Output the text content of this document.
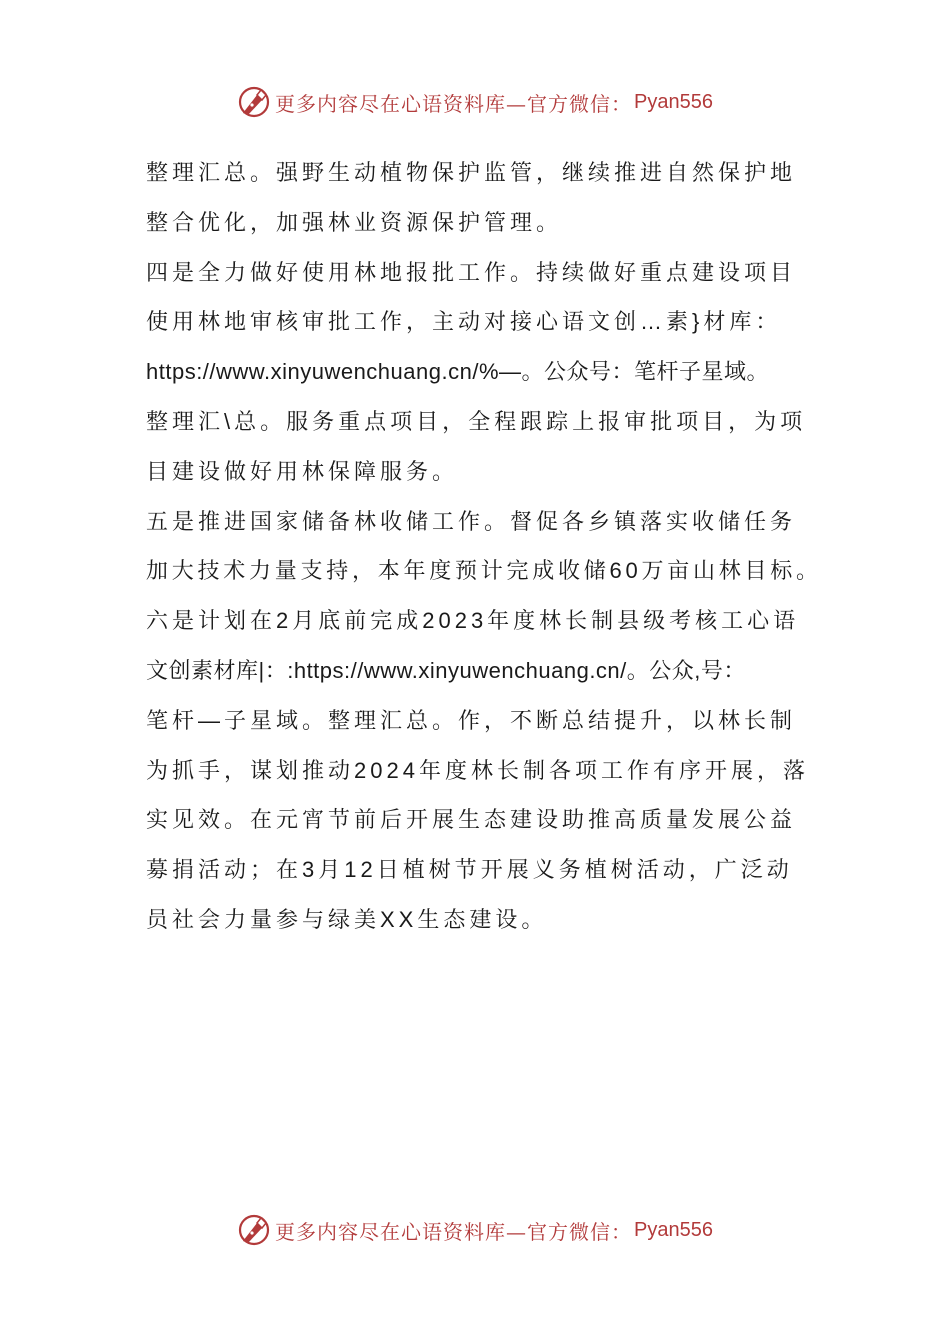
更多内容尽在心语资料库—官方微信： Pyan556
整理汇总。强野生动植物保护监管，继续推进自然保护地
整合优化，加强林业资源保护管理。
四是全力做好使用林地报批工作。持续做好重点建设项目
使用林地审核审批工作，主动对接心语文创…素}材库：
https://www.xinyuwenchuang.cn/%—。公众号：笔杆子星域。
整理汇\总。服务重点项目，全程跟踪上报审批项目，为项
目建设做好用林保障服务。
五是推进国家储备林收储工作。督促各乡镇落实收储任务
加大技术力量支持，本年度预计完成收储60万亩山林目标。
六是计划在2月底前完成2023年度林长制县级考核工心语
文创素材库|：:https://www.xinyuwenchuang.cn/。公众,号：
笔杆—子星域。整理汇总。作，不断总结提升，以林长制
为抓手，谋划推动2024年度林长制各项工作有序开展，落
实见效。在元宵节前后开展生态建设助推高质量发展公益
募捐活动；在3月12日植树节开展义务植树活动，广泛动
员社会力量参与绿美XX生态建设。
更多内容尽在心语资料库—官方微信： Pyan556
